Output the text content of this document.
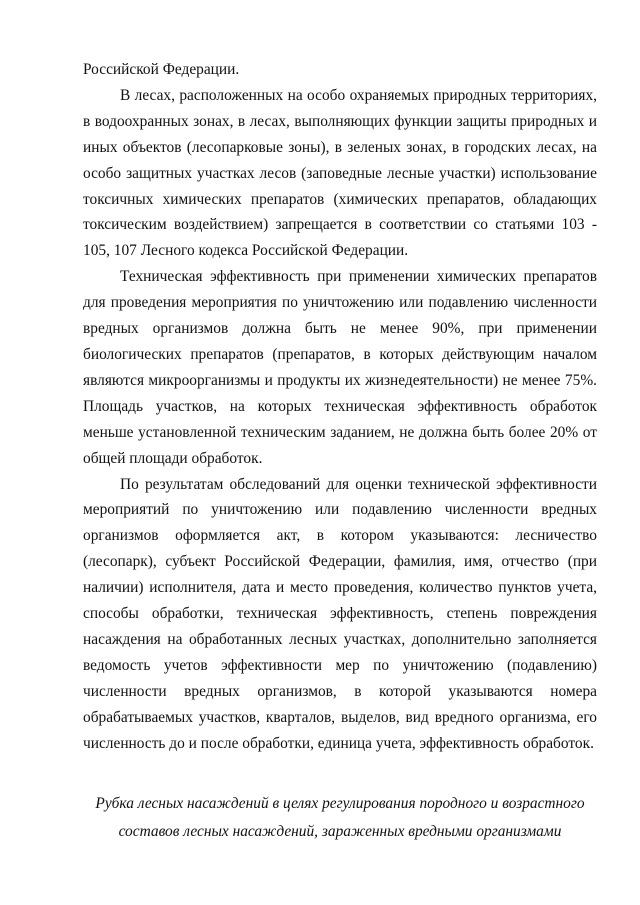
Российской Федерации.

В лесах, расположенных на особо охраняемых природных территориях, в водоохранных зонах, в лесах, выполняющих функции защиты природных и иных объектов (лесопарковые зоны), в зеленых зонах, в городских лесах, на особо защитных участках лесов (заповедные лесные участки) использование токсичных химических препаратов (химических препаратов, обладающих токсическим воздействием) запрещается в соответствии со статьями 103 - 105, 107 Лесного кодекса Российской Федерации.

Техническая эффективность при применении химических препаратов для проведения мероприятия по уничтожению или подавлению численности вредных организмов должна быть не менее 90%, при применении биологических препаратов (препаратов, в которых действующим началом являются микроорганизмы и продукты их жизнедеятельности) не менее 75%. Площадь участков, на которых техническая эффективность обработок меньше установленной техническим заданием, не должна быть более 20% от общей площади обработок.

По результатам обследований для оценки технической эффективности мероприятий по уничтожению или подавлению численности вредных организмов оформляется акт, в котором указываются: лесничество (лесопарк), субъект Российской Федерации, фамилия, имя, отчество (при наличии) исполнителя, дата и место проведения, количество пунктов учета, способы обработки, техническая эффективность, степень повреждения насаждения на обработанных лесных участках, дополнительно заполняется ведомость учетов эффективности мер по уничтожению (подавлению) численности вредных организмов, в которой указываются номера обрабатываемых участков, кварталов, выделов, вид вредного организма, его численность до и после обработки, единица учета, эффективность обработок.

Рубка лесных насаждений в целях регулирования породного и возрастного
составов лесных насаждений, зараженных вредными организмами
